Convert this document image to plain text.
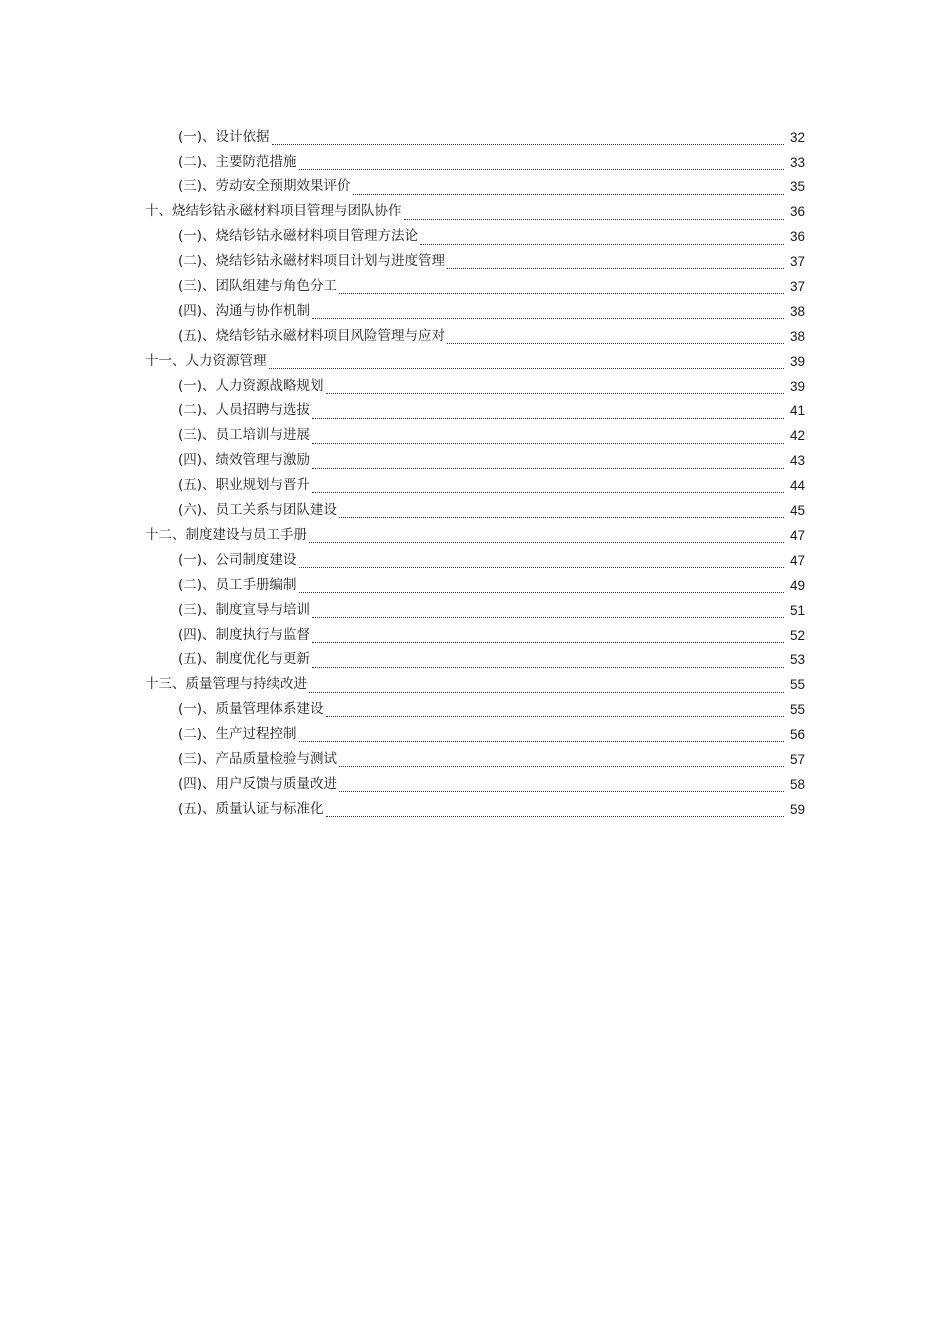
(一)、设计依据	32
(二)、主要防范措施	33
(三)、劳动安全预期效果评价	35
十、烧结钐钴永磁材料项目管理与团队协作	36
(一)、烧结钐钴永磁材料项目管理方法论	36
(二)、烧结钐钴永磁材料项目计划与进度管理	37
(三)、团队组建与角色分工	37
(四)、沟通与协作机制	38
(五)、烧结钐钴永磁材料项目风险管理与应对	38
十一、人力资源管理	39
(一)、人力资源战略规划	39
(二)、人员招聘与选拔	41
(三)、员工培训与进展	42
(四)、绩效管理与激励	43
(五)、职业规划与晋升	44
(六)、员工关系与团队建设	45
十二、制度建设与员工手册	47
(一)、公司制度建设	47
(二)、员工手册编制	49
(三)、制度宣导与培训	51
(四)、制度执行与监督	52
(五)、制度优化与更新	53
十三、质量管理与持续改进	55
(一)、质量管理体系建设	55
(二)、生产过程控制	56
(三)、产品质量检验与测试	57
(四)、用户反馈与质量改进	58
(五)、质量认证与标准化	59
